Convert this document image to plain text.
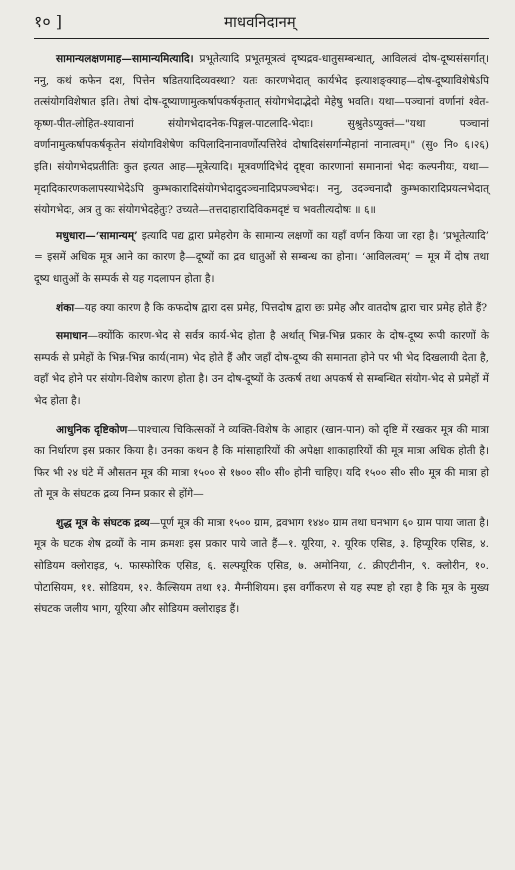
१० ]	माधवनिदानम्

सामान्यलक्षणमाह—सामान्यमित्यादि। प्रभूतेत्यादि प्रभूतमूत्रत्वं दृष्यद्रव-धातुसम्बन्धात्, आविलत्वं दोष-दूष्यसंसर्गात्। ननु, कथं कफेन दश, पित्तेन षडितयादिव्यवस्था? यतः कारणभेदात् कार्यभेद इत्याशङ्क्याह—दोष-दूष्याविशेषेऽपि तत्संयोगविशेषात इति। तेषां दोष-दूष्याणामुत्कर्षापकर्षकृतात् संयोगभेदाद्भेदो मेहेषु भवति। यथा—पञ्चानां वर्णानां श्वेत-कृष्ण-पीत-लोहित-श्यावानां संयोगभेदादनेक-पिङ्गल-पाटलादि-भेदाः। सुश्रुतेऽप्युक्तं—"यथा पञ्चानां वर्णानामुत्कर्षापकर्षकृतेन संयोगविशेषेण कपिलादिनानावर्णोत्पत्तिरेवं दोषादिसंसर्गान्मेहानां नानात्वम्।" (सु० नि० ६।२६) इति। संयोगभेदप्रतीतिः कुत इत्यत आह—मूत्रेत्यादि। मूत्रवर्णादिभेदं दृष्ट्वा कारणानां समानानां भेदः कल्पनीयः, यथा—मृदादिकारणकलापस्याभेदेऽपि कुम्भकारादिसंयोगभेदादुदञ्चनादिप्रपञ्चभेदः। ननु, उदञ्चनादौ कुम्भकारादिप्रयत्नभेदात् संयोगभेदः, अत्र तु कः संयोगभेदहेतुः? उच्यते—तत्तदाहारादिविकमदृष्टं च भवतीत्यदोषः ॥ ६॥

मधुधारा—‘सामान्यम्’ इत्यादि पद्य द्वारा प्रमेहरोग के सामान्य लक्षणों का यहाँ वर्णन किया जा रहा है। ‘प्रभूतेत्यादि’ = इसमें अधिक मूत्र आने का कारण है—दूष्यों का द्रव धातुओं से सम्बन्ध का होना। ‘आविलत्वम्’ = मूत्र में दोष तथा दूष्य धातुओं के सम्पर्क से यह गदलापन होता है।

शंका—यह क्या कारण है कि कफदोष द्वारा दस प्रमेह, पित्तदोष द्वारा छः प्रमेह और वातदोष द्वारा चार प्रमेह होते हैं?

समाधान—क्योंकि कारण-भेद से सर्वत्र कार्य-भेद होता है अर्थात् भिन्न-भिन्न प्रकार के दोष-दूष्य रूपी कारणों के सम्पर्क से प्रमेहों के भिन्न-भिन्न कार्य(नाम) भेद होते हैं और जहाँ दोष-दूष्य की समानता होने पर भी भेद दिखलायी देता है, वहाँ भेद होने पर संयोग-विशेष कारण होता है। उन दोष-दूष्यों के उत्कर्ष तथा अपकर्ष से सम्बन्धित संयोग-भेद से प्रमेहों में भेद होता है।

आधुनिक दृष्टिकोण—पाश्चात्य चिकित्सकों ने व्यक्ति-विशेष के आहार (खान-पान) को दृष्टि में रखकर मूत्र की मात्रा का निर्धारण इस प्रकार किया है। उनका कथन है कि मांसाहारियों की अपेक्षा शाकाहारियों की मूत्र मात्रा अधिक होती है। फिर भी २४ घंटे में औसतन मूत्र की मात्रा १५०० से १७०० सी० सी० होनी चाहिए। यदि १५०० सी० सी० मूत्र की मात्रा हो तो मूत्र के संघटक द्रव्य निम्न प्रकार से होंगे—

शुद्ध मूत्र के संघटक द्रव्य—पूर्ण मूत्र की मात्रा १५०० ग्राम, द्रवभाग १४४० ग्राम तथा घनभाग ६० ग्राम पाया जाता है। मूत्र के घटक शेष द्रव्यों के नाम क्रमशः इस प्रकार पाये जाते हैं—१. यूरिया, २. यूरिक एसिड, ३. हिप्यूरिक एसिड, ४. सोडियम क्लोराइड, ५. फास्फोरिक एसिड, ६. सल्फ्यूरिक एसिड, ७. अमोनिया, ८. क्रीएटीनीन, ९. क्लोरीन, १०. पोटासियम, ११. सोडियम, १२. कैल्सियम तथा १३. मैग्नीशियम। इस वर्गीकरण से यह स्पष्ट हो रहा है कि मूत्र के मुख्य संघटक जलीय भाग, यूरिया और सोडियम क्लोराइड हैं।
